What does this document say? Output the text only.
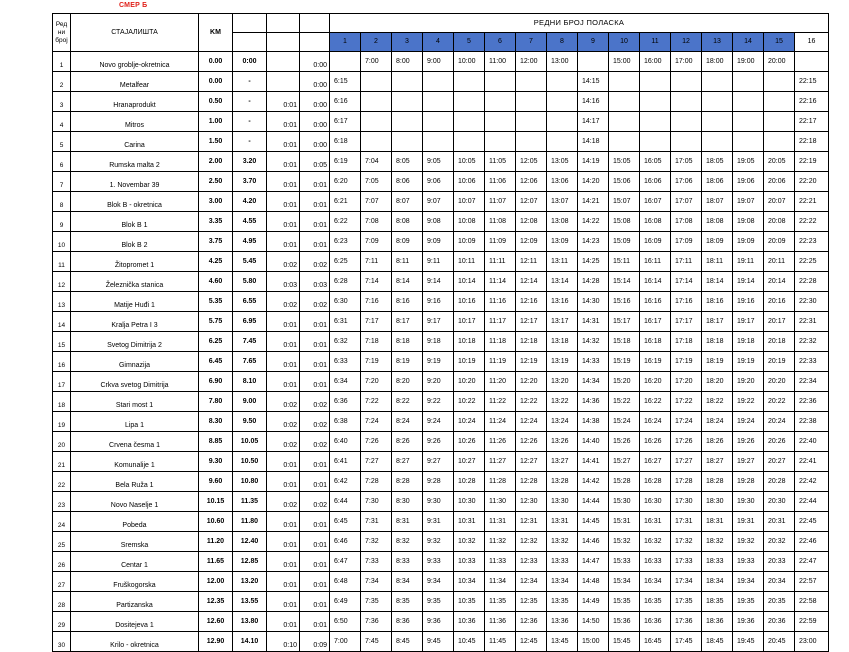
СМЕР Б
Ред ни број	СТАЈАЛИШТА	KM				РЕДНИ БРОЈ ПОЛАСКА															
						1	2	3	4	5	6	7	8	9	10	11	12	13	14	15	16
1	Novo groblje-okretnica	0.00	0:00		0:00		7:00	8:00	9:00	10:00	11:00	12:00	13:00		15:00	16:00	17:00	18:00	19:00	20:00	
2	Metalfear	0.00	-		0:00	6:15								14:15							22:15
3	Hranaprodukt	0.50	-	0:01	0:00	6:16								14:16							22:16
4	Mitros	1.00	-	0:01	0:00	6:17								14:17							22:17
5	Carina	1.50	-	0:01	0:00	6:18								14:18							22:18
6	Rumska malta 2	2.00	3.20	0:01	0:05	6:19	7:04	8:05	9:05	10:05	11:05	12:05	13:05	14:19	15:05	16:05	17:05	18:05	19:05	20:05	22:19
7	1. Novembar 39	2.50	3.70	0:01	0:01	6:20	7:05	8:06	9:06	10:06	11:06	12:06	13:06	14:20	15:06	16:06	17:06	18:06	19:06	20:06	22:20
8	Blok B - okretnica	3.00	4.20	0:01	0:01	6:21	7:07	8:07	9:07	10:07	11:07	12:07	13:07	14:21	15:07	16:07	17:07	18:07	19:07	20:07	22:21
9	Blok B 1	3.35	4.55	0:01	0:01	6:22	7:08	8:08	9:08	10:08	11:08	12:08	13:08	14:22	15:08	16:08	17:08	18:08	19:08	20:08	22:22
10	Blok B 2	3.75	4.95	0:01	0:01	6:23	7:09	8:09	9:09	10:09	11:09	12:09	13:09	14:23	15:09	16:09	17:09	18:09	19:09	20:09	22:23
11	Žitopromet 1	4.25	5.45	0:02	0:02	6:25	7:11	8:11	9:11	10:11	11:11	12:11	13:11	14:25	15:11	16:11	17:11	18:11	19:11	20:11	22:25
12	Železnička stanica	4.60	5.80	0:03	0:03	6:28	7:14	8:14	9:14	10:14	11:14	12:14	13:14	14:28	15:14	16:14	17:14	18:14	19:14	20:14	22:28
13	Matije Huđi 1	5.35	6.55	0:02	0:02	6:30	7:16	8:16	9:16	10:16	11:16	12:16	13:16	14:30	15:16	16:16	17:16	18:16	19:16	20:16	22:30
14	Kralja Petra I 3	5.75	6.95	0:01	0:01	6:31	7:17	8:17	9:17	10:17	11:17	12:17	13:17	14:31	15:17	16:17	17:17	18:17	19:17	20:17	22:31
15	Svetog Dimitrija 2	6.25	7.45	0:01	0:01	6:32	7:18	8:18	9:18	10:18	11:18	12:18	13:18	14:32	15:18	16:18	17:18	18:18	19:18	20:18	22:32
16	Gimnazija	6.45	7.65	0:01	0:01	6:33	7:19	8:19	9:19	10:19	11:19	12:19	13:19	14:33	15:19	16:19	17:19	18:19	19:19	20:19	22:33
17	Crkva svetog Dimitrija	6.90	8.10	0:01	0:01	6:34	7:20	8:20	9:20	10:20	11:20	12:20	13:20	14:34	15:20	16:20	17:20	18:20	19:20	20:20	22:34
18	Stari most 1	7.80	9.00	0:02	0:02	6:36	7:22	8:22	9:22	10:22	11:22	12:22	13:22	14:36	15:22	16:22	17:22	18:22	19:22	20:22	22:36
19	Lipa 1	8.30	9.50	0:02	0:02	6:38	7:24	8:24	9:24	10:24	11:24	12:24	13:24	14:38	15:24	16:24	17:24	18:24	19:24	20:24	22:38
20	Crvena česma 1	8.85	10.05	0:02	0:02	6:40	7:26	8:26	9:26	10:26	11:26	12:26	13:26	14:40	15:26	16:26	17:26	18:26	19:26	20:26	22:40
21	Komunalije 1	9.30	10.50	0:01	0:01	6:41	7:27	8:27	9:27	10:27	11:27	12:27	13:27	14:41	15:27	16:27	17:27	18:27	19:27	20:27	22:41
22	Bela Ruža 1	9.60	10.80	0:01	0:01	6:42	7:28	8:28	9:28	10:28	11:28	12:28	13:28	14:42	15:28	16:28	17:28	18:28	19:28	20:28	22:42
23	Novo Naselje 1	10.15	11.35	0:02	0:02	6:44	7:30	8:30	9:30	10:30	11:30	12:30	13:30	14:44	15:30	16:30	17:30	18:30	19:30	20:30	22:44
24	Pobeda	10.60	11.80	0:01	0:01	6:45	7:31	8:31	9:31	10:31	11:31	12:31	13:31	14:45	15:31	16:31	17:31	18:31	19:31	20:31	22:45
25	Sremska	11.20	12.40	0:01	0:01	6:46	7:32	8:32	9:32	10:32	11:32	12:32	13:32	14:46	15:32	16:32	17:32	18:32	19:32	20:32	22:46
26	Centar 1	11.65	12.85	0:01	0:01	6:47	7:33	8:33	9:33	10:33	11:33	12:33	13:33	14:47	15:33	16:33	17:33	18:33	19:33	20:33	22:47
27	Fruškogorska	12.00	13.20	0:01	0:01	6:48	7:34	8:34	9:34	10:34	11:34	12:34	13:34	14:48	15:34	16:34	17:34	18:34	19:34	20:34	22:57
28	Partizanska	12.35	13.55	0:01	0:01	6:49	7:35	8:35	9:35	10:35	11:35	12:35	13:35	14:49	15:35	16:35	17:35	18:35	19:35	20:35	22:58
29	Dositejeva 1	12.60	13.80	0:01	0:01	6:50	7:36	8:36	9:36	10:36	11:36	12:36	13:36	14:50	15:36	16:36	17:36	18:36	19:36	20:36	22:59
30	Krilo - okretnica	12.90	14.10	0:10	0:09	7:00	7:45	8:45	9:45	10:45	11:45	12:45	13:45	15:00	15:45	16:45	17:45	18:45	19:45	20:45	23:00
